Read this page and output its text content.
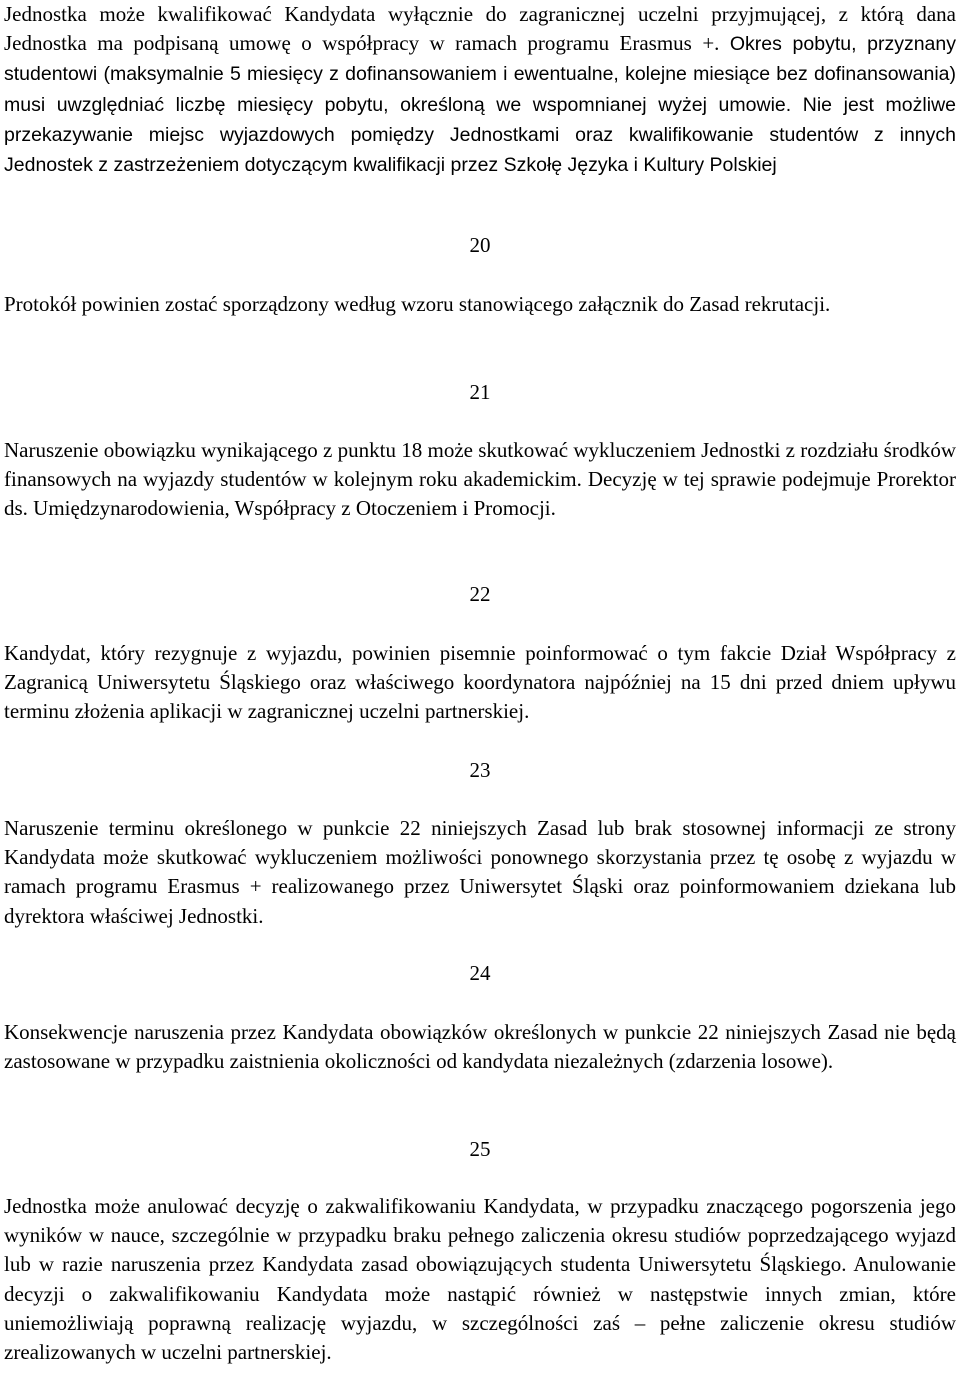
Jednostka może kwalifikować Kandydata wyłącznie do zagranicznej uczelni przyjmującej, z którą dana Jednostka ma podpisaną umowę o współpracy w ramach programu Erasmus +. Okres pobytu, przyznany studentowi (maksymalnie 5 miesięcy z dofinansowaniem i ewentualne, kolejne miesiące bez dofinansowania) musi uwzględniać liczbę miesięcy pobytu, określoną we wspomnianej wyżej umowie. Nie jest możliwe przekazywanie miejsc wyjazdowych pomiędzy Jednostkami oraz kwalifikowanie studentów z innych Jednostek z zastrzeżeniem dotyczącym kwalifikacji przez Szkołę Języka i Kultury Polskiej

20

Protokół powinien zostać sporządzony według wzoru stanowiącego załącznik do Zasad rekrutacji.

21

Naruszenie obowiązku wynikającego z punktu 18 może skutkować wykluczeniem Jednostki z rozdziału środków finansowych na wyjazdy studentów w kolejnym roku akademickim. Decyzję w tej sprawie podejmuje Prorektor ds. Umiędzynarodowienia, Współpracy z Otoczeniem i Promocji.

22

Kandydat, który rezygnuje z wyjazdu, powinien pisemnie poinformować o tym fakcie Dział Współpracy z Zagranicą Uniwersytetu Śląskiego oraz właściwego koordynatora najpóźniej na 15 dni przed dniem upływu terminu złożenia aplikacji w zagranicznej uczelni partnerskiej.

23

Naruszenie terminu określonego w punkcie 22 niniejszych Zasad lub brak stosownej informacji ze strony Kandydata może skutkować wykluczeniem możliwości ponownego skorzystania przez tę osobę z wyjazdu w ramach programu Erasmus + realizowanego przez Uniwersytet Śląski oraz poinformowaniem dziekana lub dyrektora właściwej Jednostki.

24

Konsekwencje naruszenia przez Kandydata obowiązków określonych w punkcie 22 niniejszych Zasad nie będą zastosowane w przypadku zaistnienia okoliczności od kandydata niezależnych (zdarzenia losowe).

25

Jednostka może anulować decyzję o zakwalifikowaniu Kandydata, w przypadku znaczącego pogorszenia jego wyników w nauce, szczególnie w przypadku braku pełnego zaliczenia okresu studiów poprzedzającego wyjazd lub w razie naruszenia przez Kandydata zasad obowiązujących studenta Uniwersytetu Śląskiego. Anulowanie decyzji o zakwalifikowaniu Kandydata może nastąpić również w następstwie innych zmian, które uniemożliwiają poprawną realizację wyjazdu, w szczególności zaś – pełne zaliczenie okresu studiów zrealizowanych w uczelni partnerskiej.
